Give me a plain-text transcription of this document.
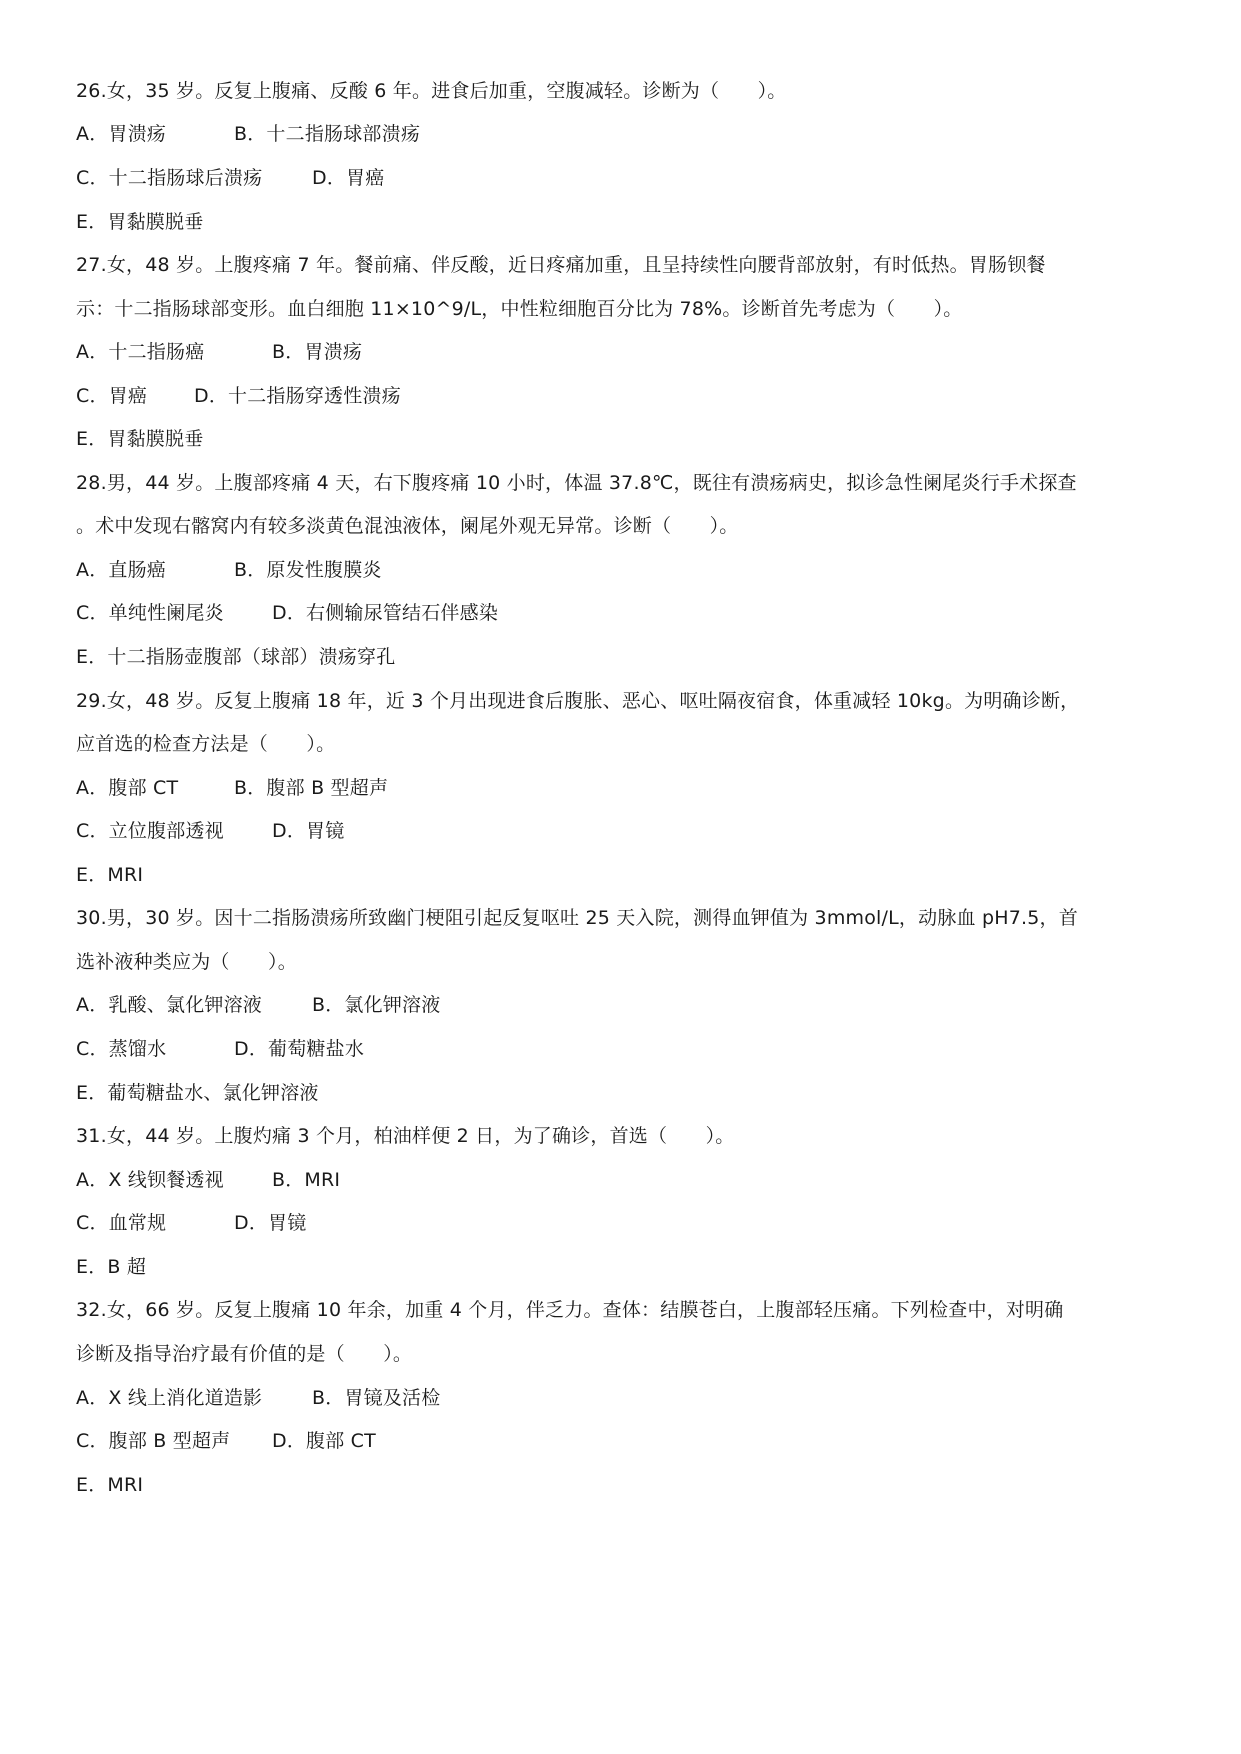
26.女，35 岁。反复上腹痛、反酸 6 年。进食后加重，空腹减轻。诊断为（　　）。
A．胃溃疡	B．十二指肠球部溃疡
C．十二指肠球后溃疡	D．胃癌
E．胃黏膜脱垂
27.女，48 岁。上腹疼痛 7 年。餐前痛、伴反酸，近日疼痛加重，且呈持续性向腰背部放射，有时低热。胃肠钡餐
示：十二指肠球部变形。血白细胞 11×10^9/L，中性粒细胞百分比为 78%。诊断首先考虑为（　　）。
A．十二指肠癌	B．胃溃疡
C．胃癌 D．十二指肠穿透性溃疡
E．胃黏膜脱垂
28.男，44 岁。上腹部疼痛 4 天，右下腹疼痛 10 小时，体温 37.8℃，既往有溃疡病史，拟诊急性阑尾炎行手术探查
。术中发现右髂窝内有较多淡黄色混浊液体，阑尾外观无异常。诊断（　　）。
A．直肠癌	B．原发性腹膜炎
C．单纯性阑尾炎	D．右侧输尿管结石伴感染
E．十二指肠壶腹部（球部）溃疡穿孔
29.女，48 岁。反复上腹痛 18 年，近 3 个月出现进食后腹胀、恶心、呕吐隔夜宿食，体重减轻 10kg。为明确诊断，
应首选的检查方法是（　　）。
A．腹部 CT	B．腹部 B 型超声
C．立位腹部透视	D．胃镜
E．MRI
30.男，30 岁。因十二指肠溃疡所致幽门梗阻引起反复呕吐 25 天入院，测得血钾值为 3mmol/L，动脉血 pH7.5，首
选补液种类应为（　　）。
A．乳酸、氯化钾溶液	B．氯化钾溶液
C．蒸馏水	D．葡萄糖盐水
E．葡萄糖盐水、氯化钾溶液
31.女，44 岁。上腹灼痛 3 个月，柏油样便 2 日，为了确诊，首选（　　）。
A．X 线钡餐透视	B．MRI
C．血常规	D．胃镜
E．B 超
32.女，66 岁。反复上腹痛 10 年余，加重 4 个月，伴乏力。查体：结膜苍白，上腹部轻压痛。下列检查中，对明确
诊断及指导治疗最有价值的是（　　）。
A．X 线上消化道造影	B．胃镜及活检
C．腹部 B 型超声 D．腹部 CT
E．MRI
